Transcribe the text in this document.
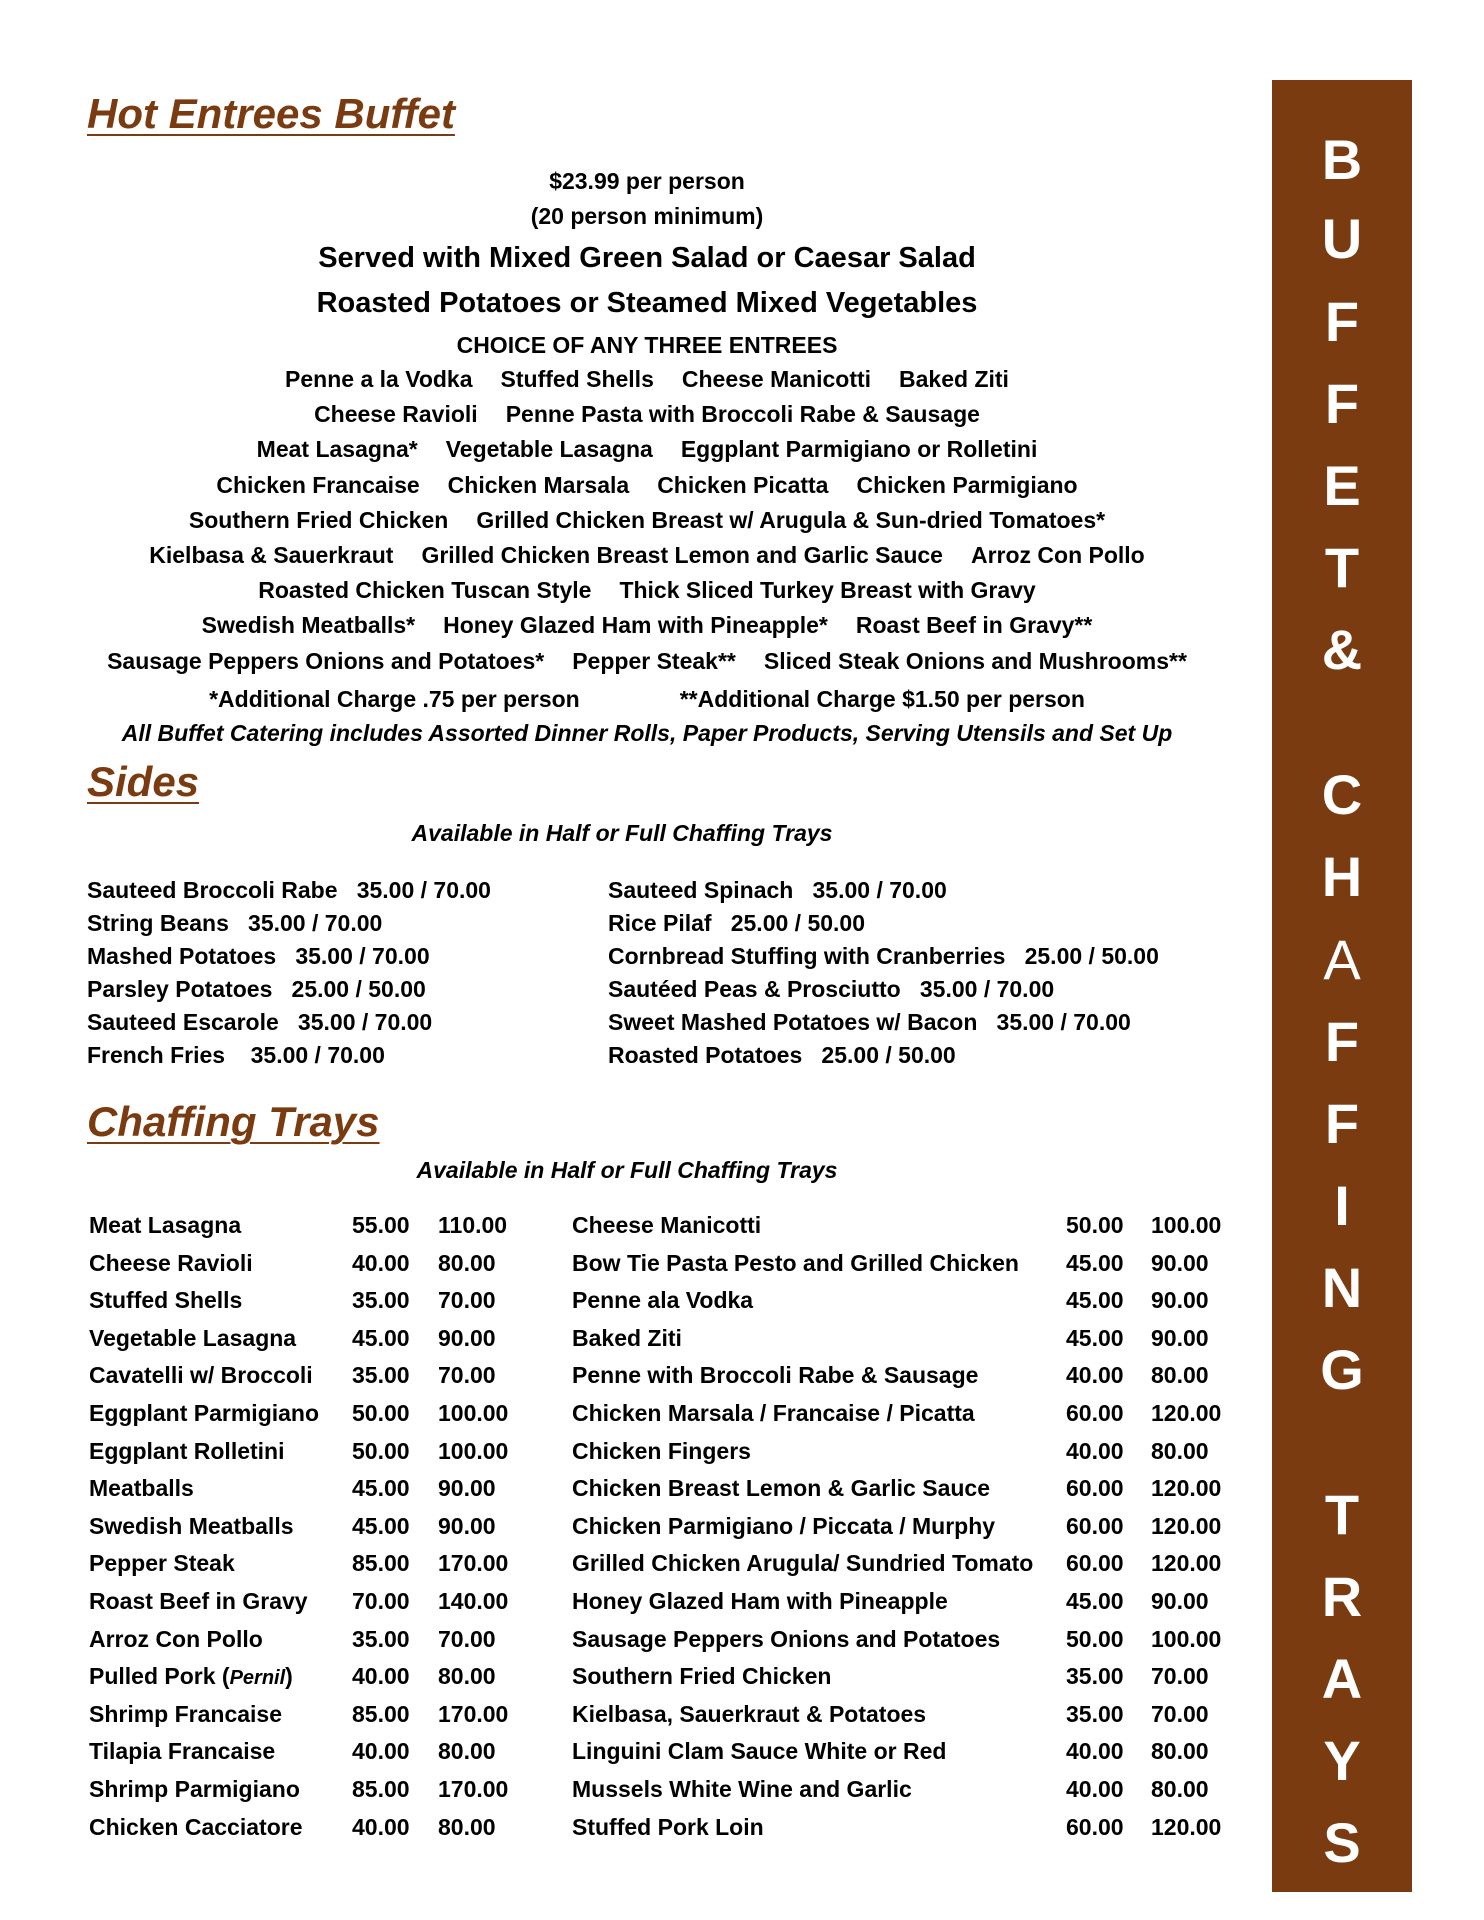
Hot Entrees Buffet
$23.99 per person
(20 person minimum)
Served with Mixed Green Salad or Caesar Salad
Roasted Potatoes or Steamed Mixed Vegetables
CHOICE OF ANY THREE ENTREES
Penne a la Vodka Stuffed Shells Cheese Manicotti Baked Ziti
Cheese Ravioli Penne Pasta with Broccoli Rabe & Sausage
Meat Lasagna* Vegetable Lasagna Eggplant Parmigiano or Rolletini
Chicken Francaise Chicken Marsala Chicken Picatta Chicken Parmigiano
Southern Fried Chicken Grilled Chicken Breast w/ Arugula & Sun-dried Tomatoes*
Kielbasa & Sauerkraut Grilled Chicken Breast Lemon and Garlic Sauce Arroz Con Pollo
Roasted Chicken Tuscan Style Thick Sliced Turkey Breast with Gravy
Swedish Meatballs* Honey Glazed Ham with Pineapple* Roast Beef in Gravy**
Sausage Peppers Onions and Potatoes* Pepper Steak** Sliced Steak Onions and Mushrooms**
*Additional Charge .75 per person	**Additional Charge $1.50 per person
All Buffet Catering includes Assorted Dinner Rolls, Paper Products, Serving Utensils and Set Up
Sides
Available in Half or Full Chaffing Trays
Sauteed Broccoli Rabe   35.00 / 70.00
String Beans   35.00 / 70.00
Mashed Potatoes   35.00 / 70.00
Parsley Potatoes   25.00 / 50.00
Sauteed Escarole   35.00 / 70.00
French Fries    35.00 / 70.00
Sauteed Spinach   35.00 / 70.00
Rice Pilaf   25.00 / 50.00
Cornbread Stuffing with Cranberries   25.00 / 50.00
Sautéed Peas & Prosciutto   35.00 / 70.00
Sweet Mashed Potatoes w/ Bacon   35.00 / 70.00
Roasted Potatoes   25.00 / 50.00
Chaffing Trays
Available in Half or Full Chaffing Trays
Meat Lasagna	55.00 110.00
Cheese Ravioli	40.00 80.00
Stuffed Shells	35.00 70.00
Vegetable Lasagna 45.00 90.00
Cavatelli w/ Broccoli 35.00 70.00
Eggplant Parmigiano 50.00 100.00
Eggplant Rolletini	50.00 100.00
Meatballs	45.00 90.00
Swedish Meatballs	45.00 90.00
Pepper Steak	85.00 170.00
Roast Beef in Gravy 70.00 140.00
Arroz Con Pollo	35.00 70.00
Pulled Pork (Pernil)	40.00 80.00
Shrimp Francaise	85.00 170.00
Tilapia Francaise	40.00 80.00
Shrimp Parmigiano 85.00 170.00
Chicken Cacciatore 40.00 80.00
Cheese Manicotti	50.00 100.00
Bow Tie Pasta Pesto and Grilled Chicken 45.00 90.00
Penne ala Vodka	45.00 90.00
Baked Ziti	45.00 90.00
Penne with Broccoli Rabe & Sausage	40.00 80.00
Chicken Marsala / Francaise / Picatta	60.00 120.00
Chicken Fingers	40.00 80.00
Chicken Breast Lemon & Garlic Sauce	60.00 120.00
Chicken Parmigiano / Piccata / Murphy	60.00 120.00
Grilled Chicken Arugula/ Sundried Tomato 60.00 120.00
Honey Glazed Ham with Pineapple	45.00 90.00
Sausage Peppers Onions and Potatoes	50.00 100.00
Southern Fried Chicken	35.00 70.00
Kielbasa, Sauerkraut & Potatoes	35.00 70.00
Linguini Clam Sauce White or Red	40.00 80.00
Mussels White Wine and Garlic	40.00 80.00
Stuffed Pork Loin	60.00 120.00
B
U
F
F
E
T
&
C
H
A
F
F
I
N
G
T
R
A
Y
S
